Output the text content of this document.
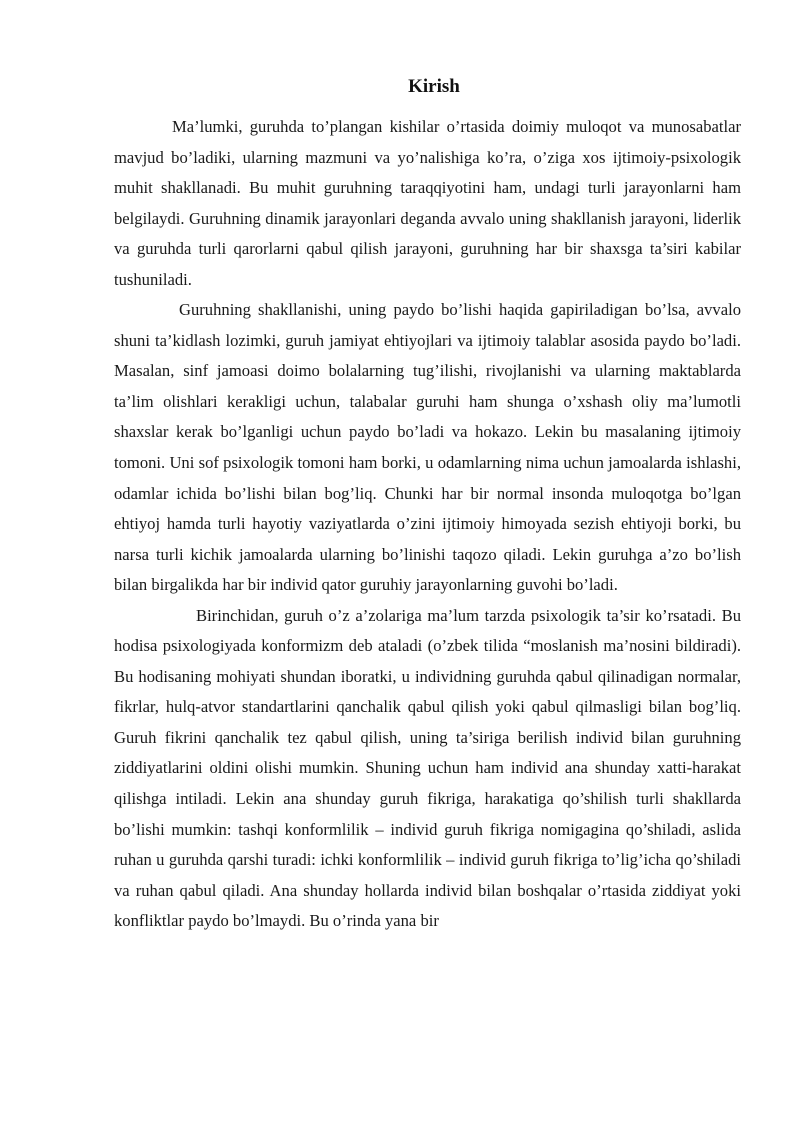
Kirish

Ma’lumki, guruhda to’plangan kishilar o’rtasida doimiy muloqot va munosabatlar mavjud bo’ladiki, ularning mazmuni va yo’nalishiga ko’ra, o’ziga xos ijtimoiy-psixologik muhit shakllanadi. Bu muhit guruhning taraqqiyotini ham, undagi turli jarayonlarni ham belgilaydi. Guruhning dinamik jarayonlari deganda avvalo uning shakllanish jarayoni, liderlik va guruhda turli qarorlarni qabul qilish jarayoni, guruhning har bir shaxsga ta’siri kabilar tushuniladi.

Guruhning shakllanishi, uning paydo bo’lishi haqida gapiriladigan bo’lsa, avvalo shuni ta’kidlash lozimki, guruh jamiyat ehtiyojlari va ijtimoiy talablar asosida paydo bo’ladi. Masalan, sinf jamoasi doimo bolalarning tug’ilishi, rivojlanishi va ularning maktablarda ta’lim olishlari kerakligi uchun, talabalar guruhi ham shunga o’xshash oliy ma’lumotli shaxslar kerak bo’lganligi uchun paydo bo’ladi va hokazo. Lekin bu masalaning ijtimoiy tomoni. Uni sof psixologik tomoni ham borki, u odamlarning nima uchun jamoalarda ishlashi, odamlar ichida bo’lishi bilan bog’liq. Chunki har bir normal insonda muloqotga bo’lgan ehtiyoj hamda turli hayotiy vaziyatlarda o’zini ijtimoiy himoyada sezish ehtiyoji borki, bu narsa turli kichik jamoalarda ularning bo’linishi taqozo qiladi. Lekin guruhga a’zo bo’lish bilan birgalikda har bir individ qator guruhiy jarayonlarning guvohi bo’ladi.

Birinchidan, guruh o’z a’zolariga ma’lum tarzda psixologik ta’sir ko’rsatadi. Bu hodisa psixologiyada konformizm deb ataladi (o’zbek tilida “moslanish ma’nosini bildiradi). Bu hodisaning mohiyati shundan iboratki, u individning guruhda qabul qilinadigan normalar, fikrlar, hulq-atvor standartlarini qanchalik qabul qilish yoki qabul qilmasligi bilan bog’liq. Guruh fikrini qanchalik tez qabul qilish, uning ta’siriga berilish individ bilan guruhning ziddiyatlarini oldini olishi mumkin. Shuning uchun ham individ ana shunday xatti-harakat qilishga intiladi. Lekin ana shunday guruh fikriga, harakatiga qo’shilish turli shakllarda bo’lishi mumkin: tashqi konformlilik – individ guruh fikriga nomigagina qo’shiladi, aslida ruhan u guruhda qarshi turadi: ichki konformlilik – individ guruh fikriga to’lig’icha qo’shiladi va ruhan qabul qiladi. Ana shunday hollarda individ bilan boshqalar o’rtasida ziddiyat yoki konfliktlar paydo bo’lmaydi. Bu o’rinda yana bir
